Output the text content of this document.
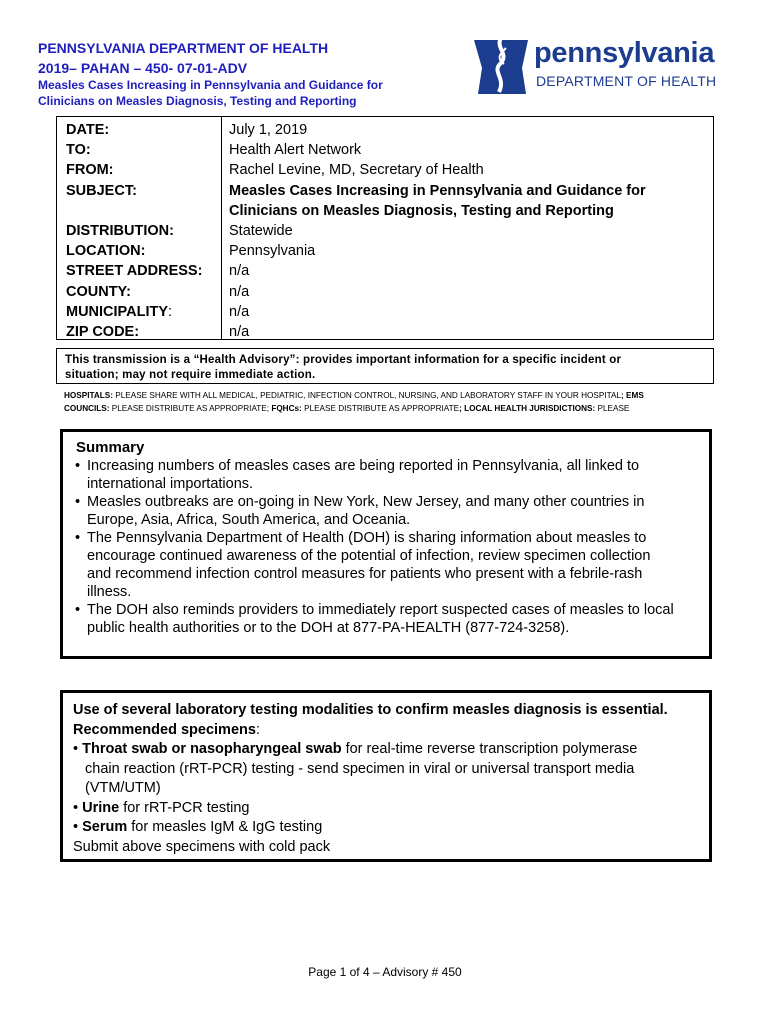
PENNSYLVANIA DEPARTMENT OF HEALTH
2019– PAHAN – 450- 07-01-ADV
Measles Cases Increasing in Pennsylvania and Guidance for
Clinicians on Measles Diagnosis, Testing and Reporting
pennsylvania
DEPARTMENT OF HEALTH
DATE:
TO:
FROM:
SUBJECT:
DISTRIBUTION:
LOCATION:
STREET ADDRESS:
COUNTY:
MUNICIPALITY:
ZIP CODE:
July 1, 2019
Health Alert Network
Rachel Levine, MD, Secretary of Health
Measles Cases Increasing in Pennsylvania and Guidance for
Clinicians on Measles Diagnosis, Testing and Reporting
Statewide
Pennsylvania
n/a
n/a
n/a
n/a
This transmission is a “Health Advisory”: provides important information for a specific incident or
situation; may not require immediate action.
HOSPITALS: PLEASE SHARE WITH ALL MEDICAL, PEDIATRIC, INFECTION CONTROL, NURSING, AND LABORATORY STAFF IN YOUR HOSPITAL; EMS
COUNCILS: PLEASE DISTRIBUTE AS APPROPRIATE; FQHCs: PLEASE DISTRIBUTE AS APPROPRIATE; LOCAL HEALTH JURISDICTIONS: PLEASE
Summary
• Increasing numbers of measles cases are being reported in Pennsylvania, all linked to
international importations.
• Measles outbreaks are on-going in New York, New Jersey, and many other countries in
Europe, Asia, Africa, South America, and Oceania.
• The Pennsylvania Department of Health (DOH) is sharing information about measles to
encourage continued awareness of the potential of infection, review specimen collection
and recommend infection control measures for patients who present with a febrile-rash
illness.
• The DOH also reminds providers to immediately report suspected cases of measles to local
public health authorities or to the DOH at 877-PA-HEALTH (877-724-3258).
Use of several laboratory testing modalities to confirm measles diagnosis is essential.
Recommended specimens:
• Throat swab or nasopharyngeal swab for real-time reverse transcription polymerase
chain reaction (rRT-PCR) testing - send specimen in viral or universal transport media
(VTM/UTM)
• Urine for rRT-PCR testing
• Serum for measles IgM & IgG testing
Submit above specimens with cold pack
Page 1 of 4 – Advisory # 450
